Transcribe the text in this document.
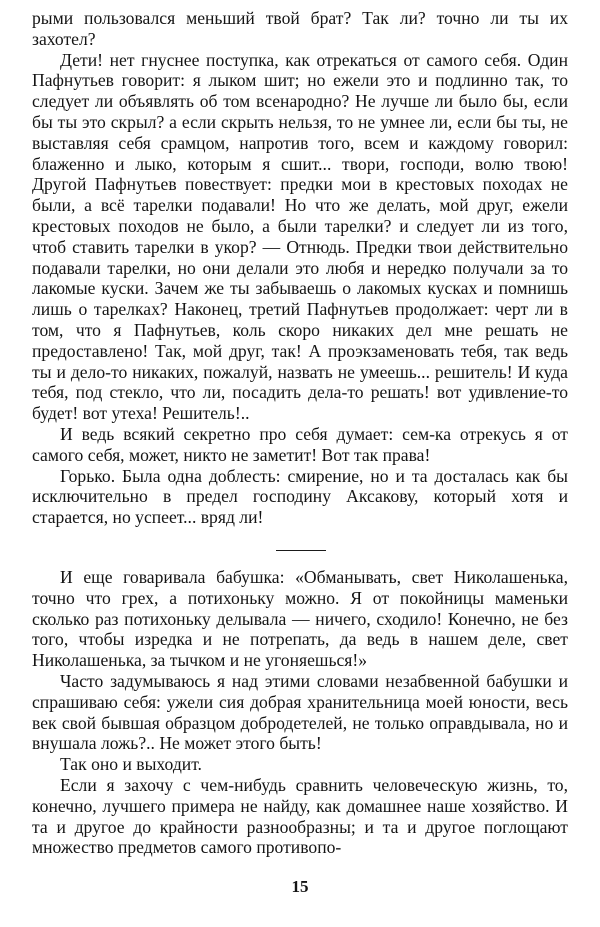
рыми пользовался меньший твой брат? Так ли? точно ли ты их захотел?

Дети! нет гнуснее поступка, как отрекаться от самого себя. Один Пафнутьев говорит: я лыком шит; но ежели это и подлинно так, то следует ли объявлять об том всенародно? Не лучше ли было бы, если бы ты это скрыл? а если скрыть нельзя, то не умнее ли, если бы ты, не выставляя себя срамцом, напротив того, всем и каждому говорил: блаженно и лыко, которым я сшит... твори, господи, волю твою! Другой Пафнутьев повествует: предки мои в крестовых походах не были, а всё тарелки подавали! Но что же делать, мой друг, ежели крестовых походов не было, а были тарелки? и следует ли из того, чтоб ставить тарелки в укор? — Отнюдь. Предки твои действительно подавали тарелки, но они делали это любя и нередко получали за то лакомые куски. Зачем же ты забываешь о лакомых кусках и помнишь лишь о тарелках? Наконец, третий Пафнутьев продолжает: черт ли в том, что я Пафнутьев, коль скоро никаких дел мне решать не предоставлено! Так, мой друг, так! А проэкзаменовать тебя, так ведь ты и дело-то никаких, пожалуй, назвать не умеешь... решитель! И куда тебя, под стекло, что ли, посадить дела-то решать! вот удивление-то будет! вот утеха! Решитель!..

И ведь всякий секретно про себя думает: сем-ка отрекусь я от самого себя, может, никто не заметит! Вот так права!

Горько. Была одна доблесть: смирение, но и та досталась как бы исключительно в предел господину Аксакову, который хотя и старается, но успеет... вряд ли!

И еще говаривала бабушка: «Обманывать, свет Николашенька, точно что грех, а потихоньку можно. Я от покойницы маменьки сколько раз потихоньку делывала — ничего, сходило! Конечно, не без того, чтобы изредка и не потрепать, да ведь в нашем деле, свет Николашенька, за тычком и не угоняешься!»

Часто задумываюсь я над этими словами незабвенной бабушки и спрашиваю себя: ужели сия добрая хранительница моей юности, весь век свой бывшая образцом добродетелей, не только оправдывала, но и внушала ложь?.. Не может этого быть!

Так оно и выходит.

Если я захочу с чем-нибудь сравнить человеческую жизнь, то, конечно, лучшего примера не найду, как домашнее наше хозяйство. И та и другое до крайности разнообразны; и та и другое поглощают множество предметов самого противопо-

15
